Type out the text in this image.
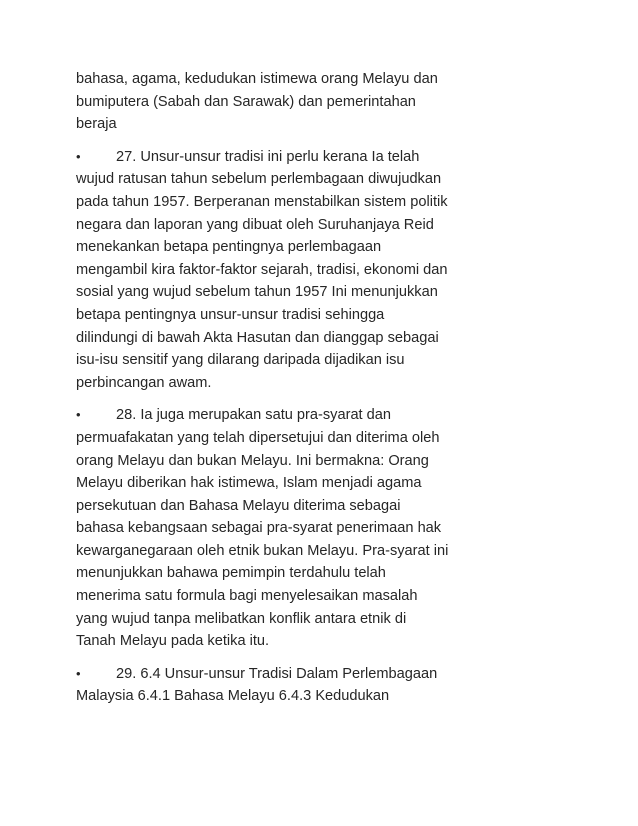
bahasa, agama, kedudukan istimewa orang Melayu dan
bumiputera (Sabah dan Sarawak) dan pemerintahan
beraja
• 27. Unsur-unsur tradisi ini perlu kerana Ia telah
wujud ratusan tahun sebelum perlembagaan diwujudkan
pada tahun 1957. Berperanan menstabilkan sistem politik
negara dan laporan yang dibuat oleh Suruhanjaya Reid
menekankan betapa pentingnya perlembagaan
mengambil kira faktor-faktor sejarah, tradisi, ekonomi dan
sosial yang wujud sebelum tahun 1957 Ini menunjukkan
betapa pentingnya unsur-unsur tradisi sehingga
dilindungi di bawah Akta Hasutan dan dianggap sebagai
isu-isu sensitif yang dilarang daripada dijadikan isu
perbincangan awam.
• 28. Ia juga merupakan satu pra-syarat dan
permuafakatan yang telah dipersetujui dan diterima oleh
orang Melayu dan bukan Melayu. Ini bermakna: Orang
Melayu diberikan hak istimewa, Islam menjadi agama
persekutuan dan Bahasa Melayu diterima sebagai
bahasa kebangsaan sebagai pra-syarat penerimaan hak
kewarganegaraan oleh etnik bukan Melayu. Pra-syarat ini
menunjukkan bahawa pemimpin terdahulu telah
menerima satu formula bagi menyelesaikan masalah
yang wujud tanpa melibatkan konflik antara etnik di
Tanah Melayu pada ketika itu.
• 29. 6.4 Unsur-unsur Tradisi Dalam Perlembagaan
Malaysia 6.4.1 Bahasa Melayu 6.4.3 Kedudukan
